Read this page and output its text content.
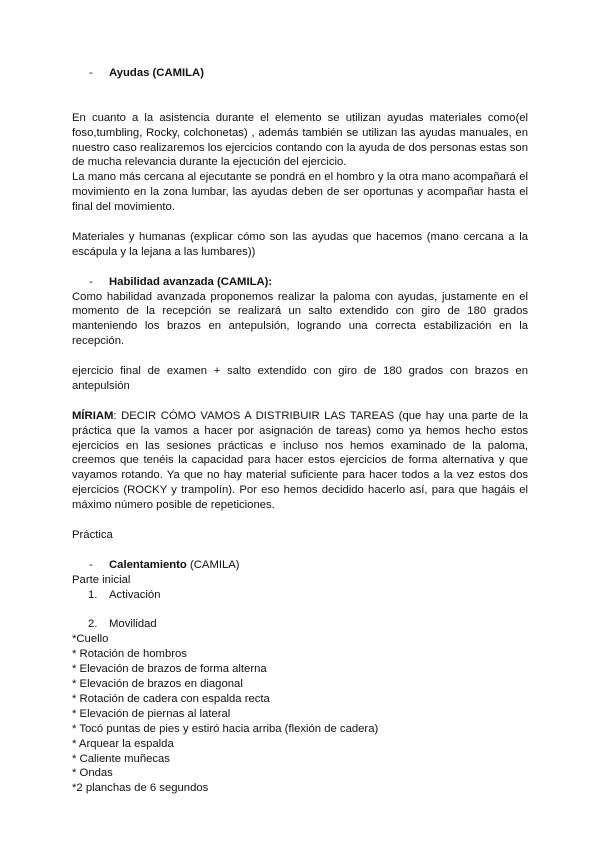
- Ayudas (CAMILA)

En cuanto a la asistencia durante el elemento se utilizan ayudas materiales como(el foso,tumbling, Rocky, colchonetas) , además también se utilizan las ayudas manuales, en nuestro caso realizaremos los ejercicios contando con la ayuda de dos personas estas son de mucha relevancia durante la ejecución del ejercicio.

La mano más cercana al ejecutante se pondrá en el hombro y la otra mano acompañará el movimiento en la zona lumbar, las ayudas deben de ser oportunas y acompañar hasta el final del movimiento.

Materiales y humanas (explicar cómo son las ayudas que hacemos (mano cercana a la escápula y la lejana a las lumbares))

- Habilidad avanzada (CAMILA):

Como habilidad avanzada proponemos realizar la paloma con ayudas, justamente en el momento de la recepción se realizará un salto extendido con giro de 180 grados manteniendo los brazos en antepulsión, logrando una correcta estabilización en la recepción.

ejercicio final de examen + salto extendido con giro de 180 grados con brazos en antepulsión

MÍRIAM: DECIR CÓMO VAMOS A DISTRIBUIR LAS TAREAS (que hay una parte de la práctica que la vamos a hacer por asignación de tareas) como ya hemos hecho estos ejercicios en las sesiones prácticas e incluso nos hemos examinado de la paloma, creemos que tenéis la capacidad para hacer estos ejercicios de forma alternativa y que vayamos rotando. Ya que no hay material suficiente para hacer todos a la vez estos dos ejercicios (ROCKY y trampolín). Por eso hemos decidido hacerlo así, para que hagáis el máximo número posible de repeticiones.

Práctica

- Calentamiento (CAMILA)

Parte inicial

1. Activación

2. Movilidad

*Cuello

* Rotación de hombros

* Elevación de brazos de forma alterna

* Elevación de brazos en diagonal

* Rotación de cadera con espalda recta

* Elevación de piernas al lateral

* Tocó puntas de pies y estiró hacia arriba (flexión de cadera)

* Arquear la espalda

* Caliente muñecas

* Ondas

*2 planchas de 6 segundos
